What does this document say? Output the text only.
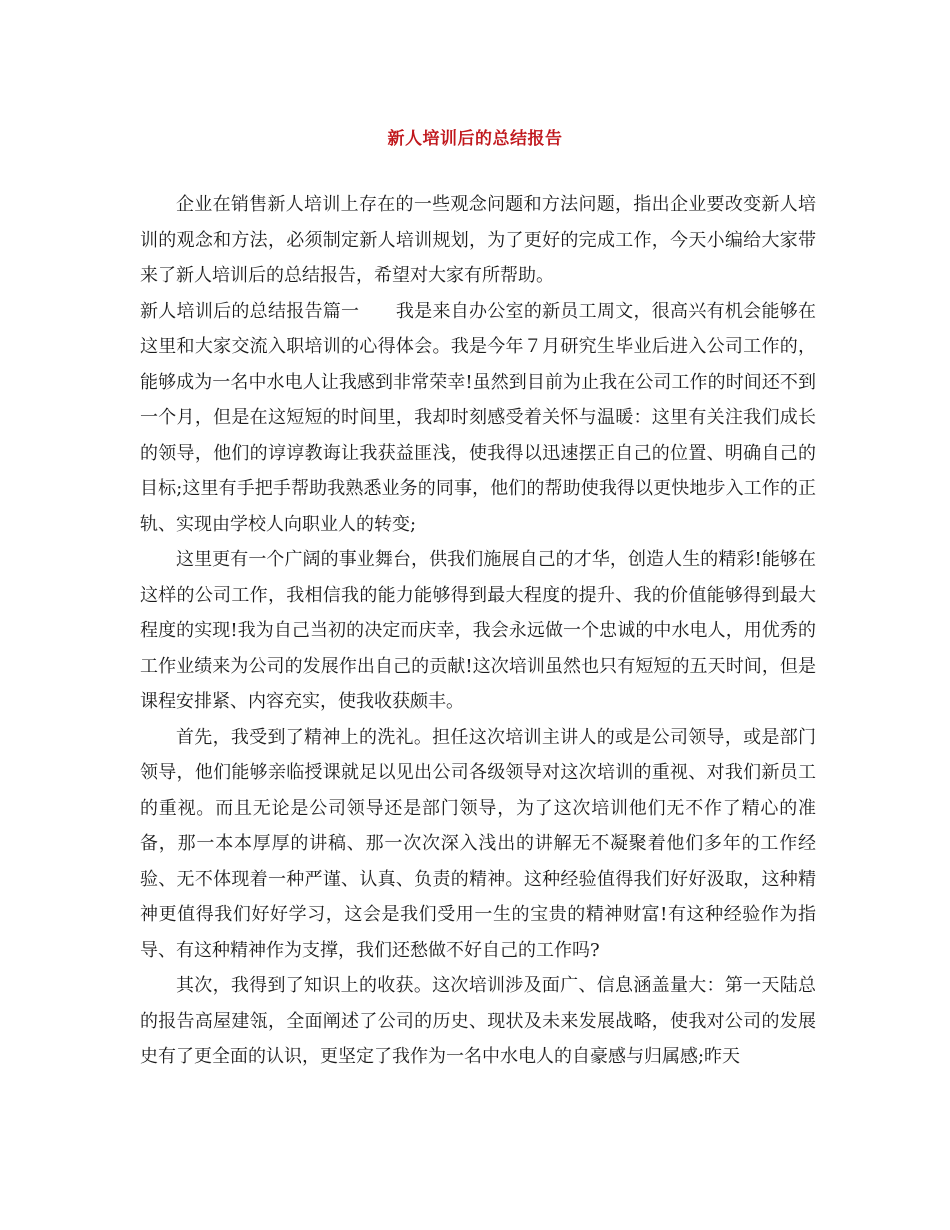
新人培训后的总结报告

企业在销售新人培训上存在的一些观念问题和方法问题，指出企业要改变新人培训的观念和方法，必须制定新人培训规划，为了更好的完成工作，今天小编给大家带来了新人培训后的总结报告，希望对大家有所帮助。

新人培训后的总结报告篇一　　我是来自办公室的新员工周文，很高兴有机会能够在这里和大家交流入职培训的心得体会。我是今年７月研究生毕业后进入公司工作的，能够成为一名中水电人让我感到非常荣幸!虽然到目前为止我在公司工作的时间还不到一个月，但是在这短短的时间里，我却时刻感受着关怀与温暖：这里有关注我们成长的领导，他们的谆谆教诲让我获益匪浅，使我得以迅速摆正自己的位置、明确自己的目标;这里有手把手帮助我熟悉业务的同事，他们的帮助使我得以更快地步入工作的正轨、实现由学校人向职业人的转变;

这里更有一个广阔的事业舞台，供我们施展自己的才华，创造人生的精彩!能够在这样的公司工作，我相信我的能力能够得到最大程度的提升、我的价值能够得到最大程度的实现!我为自己当初的决定而庆幸，我会永远做一个忠诚的中水电人，用优秀的工作业绩来为公司的发展作出自己的贡献!这次培训虽然也只有短短的五天时间，但是课程安排紧、内容充实，使我收获颇丰。

首先，我受到了精神上的洗礼。担任这次培训主讲人的或是公司领导，或是部门领导，他们能够亲临授课就足以见出公司各级领导对这次培训的重视、对我们新员工的重视。而且无论是公司领导还是部门领导，为了这次培训他们无不作了精心的准备，那一本本厚厚的讲稿、那一次次深入浅出的讲解无不凝聚着他们多年的工作经验、无不体现着一种严谨、认真、负责的精神。这种经验值得我们好好汲取，这种精神更值得我们好好学习，这会是我们受用一生的宝贵的精神财富!有这种经验作为指导、有这种精神作为支撑，我们还愁做不好自己的工作吗?

其次，我得到了知识上的收获。这次培训涉及面广、信息涵盖量大：第一天陆总的报告高屋建瓴，全面阐述了公司的历史、现状及未来发展战略，使我对公司的发展史有了更全面的认识，更坚定了我作为一名中水电人的自豪感与归属感;昨天
